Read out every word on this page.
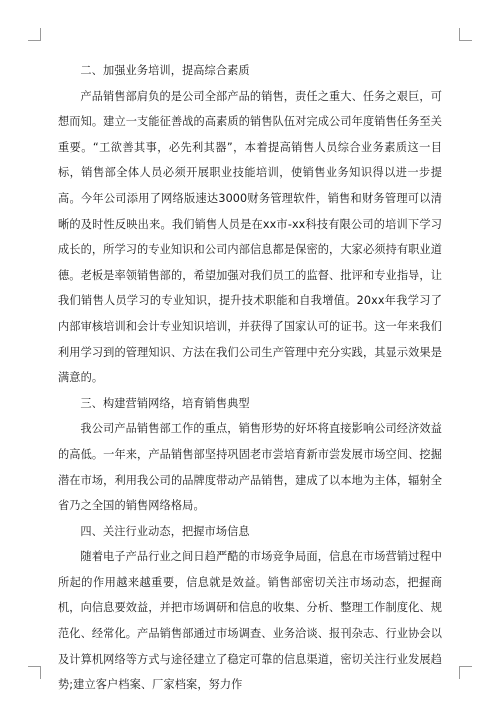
二、加强业务培训，提高综合素质

产品销售部肩负的是公司全部产品的销售，责任之重大、任务之艰巨，可想而知。建立一支能征善战的高素质的销售队伍对完成公司年度销售任务至关重要。“工欲善其事，必先利其器”，本着提高销售人员综合业务素质这一目标，销售部全体人员必须开展职业技能培训，使销售业务知识得以进一步提高。今年公司添用了网络版速达3000财务管理软件，销售和财务管理可以清晰的及时性反映出来。我们销售人员是在xx市-xx科技有限公司的培训下学习成长的，所学习的专业知识和公司内部信息都是保密的，大家必须持有职业道德。老板是率领销售部的，希望加强对我们员工的监督、批评和专业指导，让我们销售人员学习的专业知识，提升技术职能和自我增值。20xx年我学习了内部审核培训和会计专业知识培训，并获得了国家认可的证书。这一年来我们利用学习到的管理知识、方法在我们公司生产管理中充分实践，其显示效果是满意的。

三、构建营销网络，培育销售典型

我公司产品销售部工作的重点，销售形势的好坏将直接影响公司经济效益的高低。一年来，产品销售部坚持巩固老市尝培育新市尝发展市场空间、挖掘潜在市场，利用我公司的品牌度带动产品销售，建成了以本地为主体，辐射全省乃之全国的销售网络格局。

四、关注行业动态，把握市场信息

随着电子产品行业之间日趋严酷的市场竞争局面，信息在市场营销过程中所起的作用越来越重要，信息就是效益。销售部密切关注市场动态，把握商机，向信息要效益，并把市场调研和信息的收集、分析、整理工作制度化、规范化、经常化。产品销售部通过市场调查、业务洽谈、报刊杂志、行业协会以及计算机网络等方式与途径建立了稳定可靠的信息渠道，密切关注行业发展趋势;建立客户档案、厂家档案，努力作
